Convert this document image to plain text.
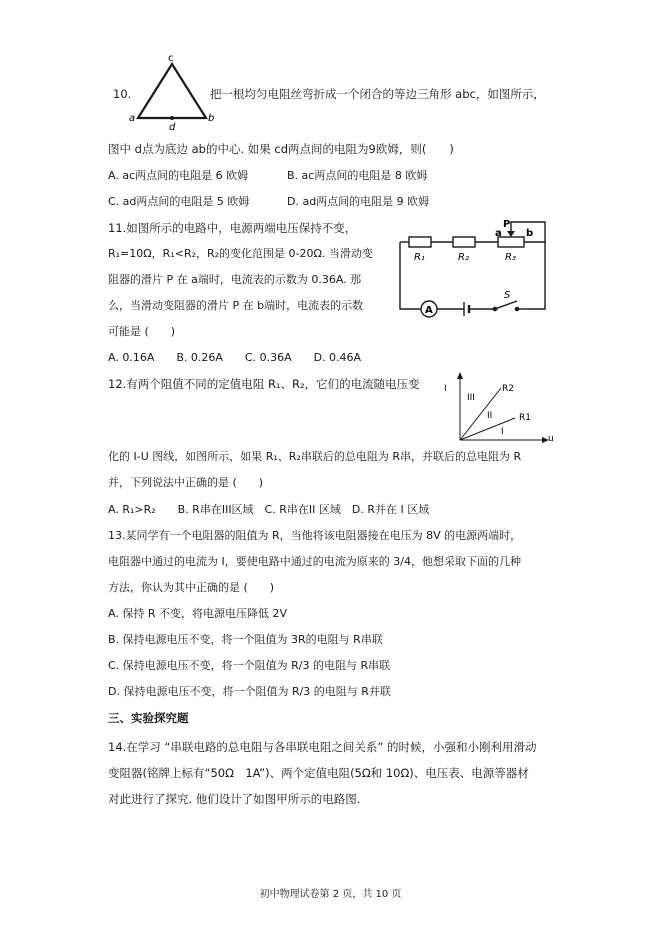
10.
c
a	b
d
把一根均匀电阻丝弯折成一个闭合的等边三角形 abc，如图所示，
图中 d点为底边 ab的中心. 如果 cd两点间的电阻为9欧姆，则(　　)
A. ac两点间的电阻是 6 欧姆	B. ac两点间的电阻是 8 欧姆
C. ad两点间的电阻是 5 欧姆	D. ad两点间的电阻是 9 欧姆
11.如图所示的电路中，电源两端电压保持不变，
R₁=10Ω，R₁<R₂，R₂的变化范围是 0-20Ω. 当滑动变
阻器的滑片 P 在 a端时，电流表的示数为 0.36A. 那
么，当滑动变阻器的滑片 P 在 b端时，电流表的示数
可能是 (　　)
A. 0.16A　　B. 0.26A　　C. 0.36A　　D. 0.46A
P
a b
R₁	R₂	R₃
A
S
12.有两个阻值不同的定值电阻 R₁、R₂，它们的电流随电压变	I
u
R2
R1
III
II
I
化的 I-U 图线，如图所示，如果 R₁、R₂串联后的总电阻为 R串，并联后的总电阻为 R
并，下列说法中正确的是 (　　)
A. R₁>R₂　　B. R串在III区域　C. R串在II 区域　D. R并在 I 区域
13.某同学有一个电阻器的阻值为 R，当他将该电阻器接在电压为 8V 的电源两端时，
电阻器中通过的电流为 I，要使电路中通过的电流为原来的 3/4，他想采取下面的几种
方法，你认为其中正确的是 (　　)
A. 保持 R 不变，将电源电压降低 2V
B. 保持电源电压不变，将一个阻值为 3R的电阻与 R串联
C. 保持电源电压不变，将一个阻值为 R/3 的电阻与 R串联
D. 保持电源电压不变，将一个阻值为 R/3 的电阻与 R并联
三、实验探究题
14.在学习 “串联电路的总电阻与各串联电阻之间关系” 的时候，小强和小刚利用滑动
变阻器(铭牌上标有“50Ω　1A”)、两个定值电阻(5Ω和 10Ω)、电压表、电源等器材
对此进行了探究. 他们设计了如图甲所示的电路图.
初中物理试卷第 2 页，共 10 页
